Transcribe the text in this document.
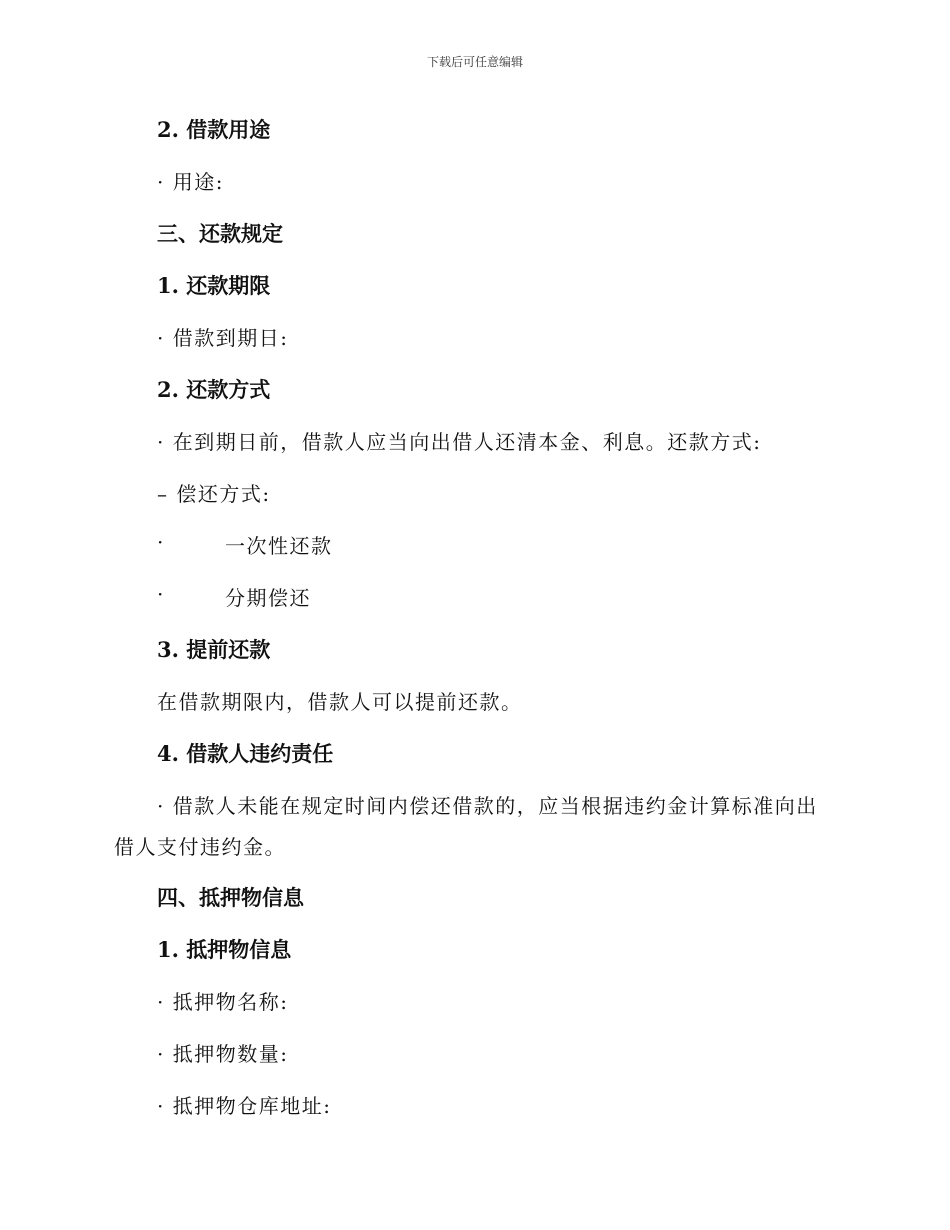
下载后可任意编辑
2. 借款用途
· 用途:
三、还款规定
1. 还款期限
· 借款到期日:
2. 还款方式
· 在到期日前，借款人应当向出借人还清本金、利息。还款方式:
– 偿还方式:
·	一次性还款
·	分期偿还
3. 提前还款
在借款期限内，借款人可以提前还款。
4. 借款人违约责任
· 借款人未能在规定时间内偿还借款的，应当根据违约金计算标准向出
借人支付违约金。
四、抵押物信息
1. 抵押物信息
· 抵押物名称:
· 抵押物数量:
· 抵押物仓库地址:
